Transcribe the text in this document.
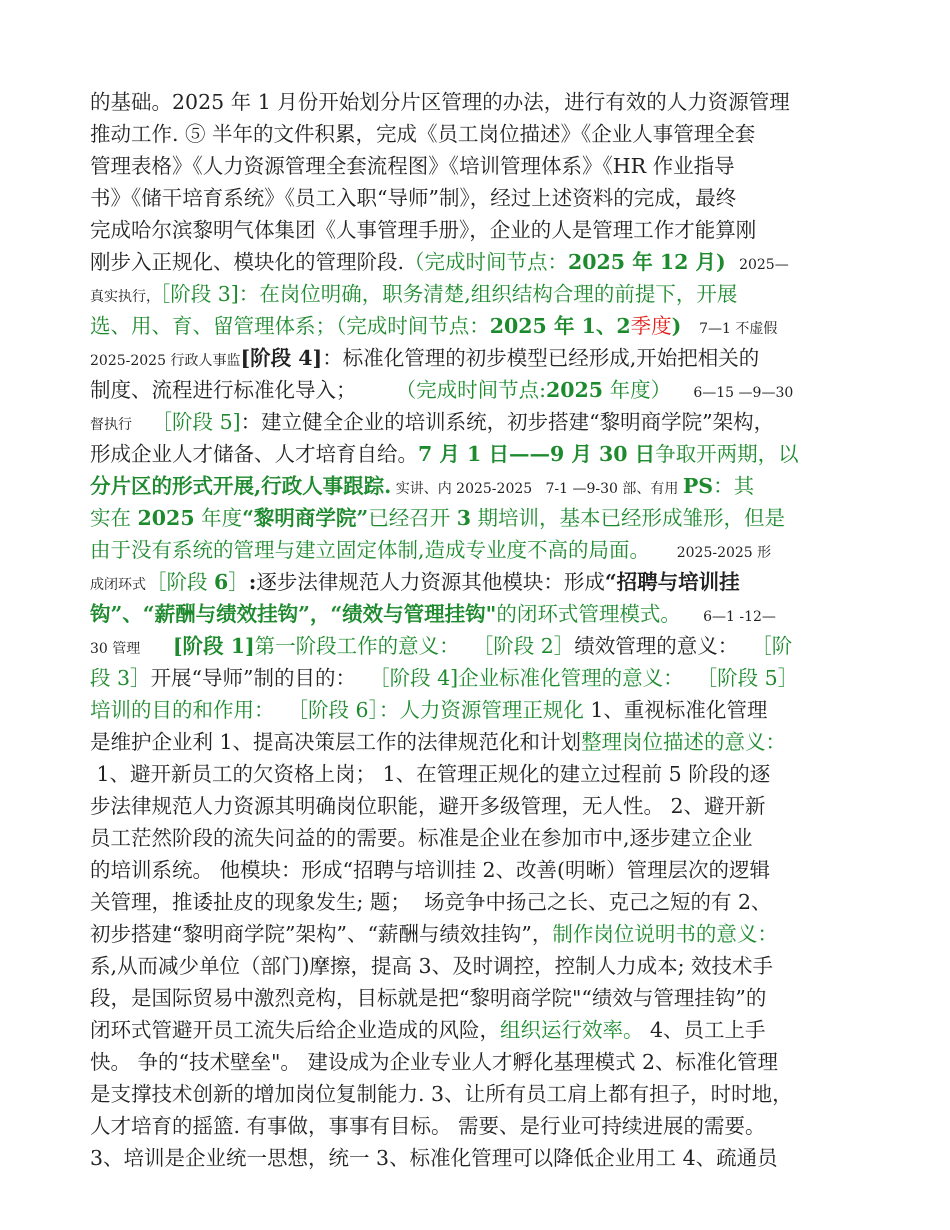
的基础。2025 年 1 月份开始划分片区管理的办法，进行有效的人力资源管理
推动工作. ⑤ 半年的文件积累，完成《员工岗位描述》《企业人事管理全套
管理表格》《人力资源管理全套流程图》《培训管理体系》《HR 作业指导
书》《储干培育系统》《员工入职“导师”制》，经过上述资料的完成，最终
完成哈尔滨黎明气体集团《人事管理手册》，企业的人是管理工作才能算刚
刚步入正规化、模块化的管理阶段.（完成时间节点：2025 年 12 月)   2025—
真实执行，［阶段 3]：在岗位明确，职务清楚,组织结构合理的前提下，开展
选、用、育、留管理体系；（完成时间节点：2025 年 1、2季度)    7—1 不虚假
2025-2025 行政人事监[阶段 4]：标准化管理的初步模型已经形成,开始把相关的
制度、流程进行标准化导入；      （完成时间节点:2025 年度）     6—15 —9—30
督执行   ［阶段 5]：建立健全企业的培训系统，初步搭建“黎明商学院”架构，
形成企业人才储备、人才培育自给。7 月 1 日——9 月 30 日争取开两期，以
分片区的形式开展,行政人事跟踪. 实讲、内 2025-2025   7-1 —9-30 部、有用 PS：其
实在 2025 年度“黎明商学院”已经召开 3 期培训，基本已经形成雏形，但是
由于没有系统的管理与建立固定体制,造成专业度不高的局面。      2025-2025 形
成闭环式［阶段 6］:逐步法律规范人力资源其他模块：形成“招聘与培训挂
钩”、“薪酬与绩效挂钩”，“绩效与管理挂钩"的闭环式管理模式。     6—1 -12—
30 管理 [阶段 1]第一阶段工作的意义：  ［阶段 2］绩效管理的意义：  ［阶
段 3］开展“导师”制的目的：  ［阶段 4]企业标准化管理的意义：  ［阶段 5］
培训的目的和作用：  ［阶段 6］：人力资源管理正规化 1、重视标准化管理
是维护企业利 1、提高决策层工作的法律规范化和计划整理岗位描述的意义：
1、避开新员工的欠资格上岗； 1、在管理正规化的建立过程前 5 阶段的逐
步法律规范人力资源其明确岗位职能，避开多级管理，无人性。 2、避开新
员工茫然阶段的流失问益的的需要。标准是企业在参加市中,逐步建立企业
的培训系统。 他模块：形成“招聘与培训挂 2、改善(明晰）管理层次的逻辑
关管理，推诿扯皮的现象发生; 题；  场竞争中扬己之长、克己之短的有 2、
初步搭建“黎明商学院”架构”、“薪酬与绩效挂钩”，制作岗位说明书的意义：
系,从而减少单位（部门)摩擦，提高 3、及时调控，控制人力成本; 效技术手
段，是国际贸易中激烈竞构，目标就是把“黎明商学院"“绩效与管理挂钩”的
闭环式管避开员工流失后给企业造成的风险，组织运行效率。 4、员工上手
快。 争的“技术壁垒"。 建设成为企业专业人才孵化基理模式 2、标准化管理
是支撑技术创新的增加岗位复制能力. 3、让所有员工肩上都有担子，时时地，
人才培育的摇篮. 有事做，事事有目标。 需要、是行业可持续进展的需要。
3、培训是企业统一思想，统一 3、标准化管理可以降低企业用工 4、疏通员
